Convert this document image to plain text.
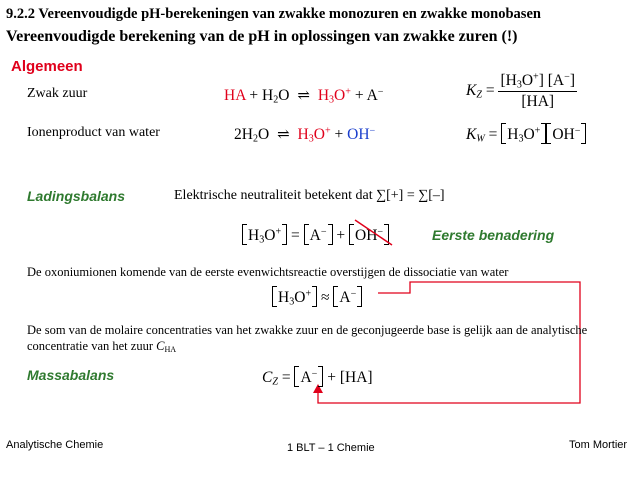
9.2.2 Vereenvoudigde pH-berekeningen van zwakke monozuren en zwakke monobasen
Vereenvoudigde berekening van de pH in oplossingen van zwakke zuren (!)
Algemeen
Zwak zuur	HA + $H_2O$ ⇌ $H_3O^+ + A^-$	$K_Z = \frac{[H_3O^+] [A^-]}{[HA]}$
Ionenproduct van water	$2H_2O$ ⇌ $H_3O^+ + OH^-$	$K_W = H_3O^+$ OH−
Ladingsbalans	Elektrische neutraliteit betekent dat ∑[+] = ∑[–]
$H_3O^+ = A^- + OH^-$	Eerste benadering
De oxoniumionen komende van de eerste evenwichtsreactie overstijgen de dissociatie van water
$H_3O^+ \approx A^-$
De som van de molaire concentraties van het zwakke zuur en de geconjugeerde base is gelijk aan de analytische
concentratie van het zuur $C_{HA}$
Massabalans	$C_Z = A^- + [HA]$
Analytische Chemie	1 BLT – 1 Chemie	Tom Mortier
